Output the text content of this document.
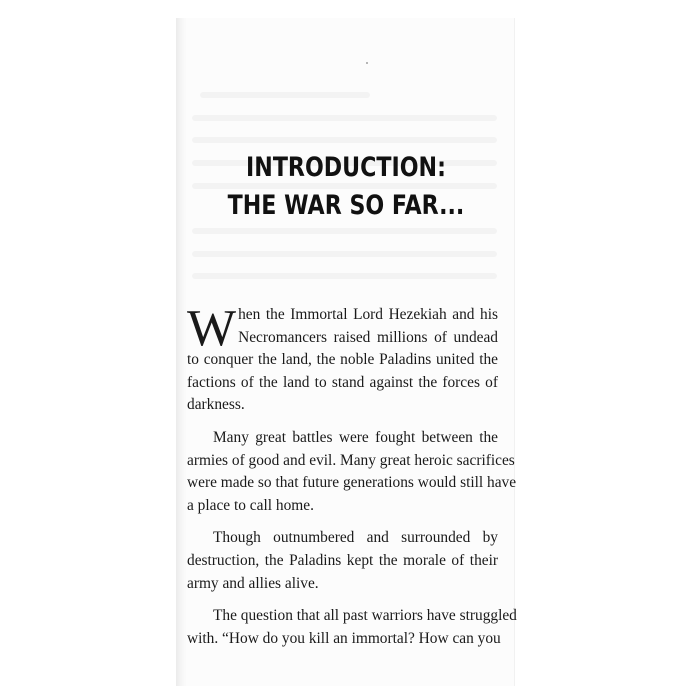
INTRODUCTION:
THE WAR SO FAR...
W hen the Immortal Lord Hezekiah and his
Necromancers raised millions of undead
to conquer the land, the noble Paladins united the
factions of the land to stand against the forces of
darkness.
Many great battles were fought between the
armies of good and evil. Many great heroic sacrifices
were made so that future generations would still have
a place to call home.
Though outnumbered and surrounded by
destruction, the Paladins kept the morale of their
army and allies alive.
The question that all past warriors have struggled
with. “How do you kill an immortal? How can you
